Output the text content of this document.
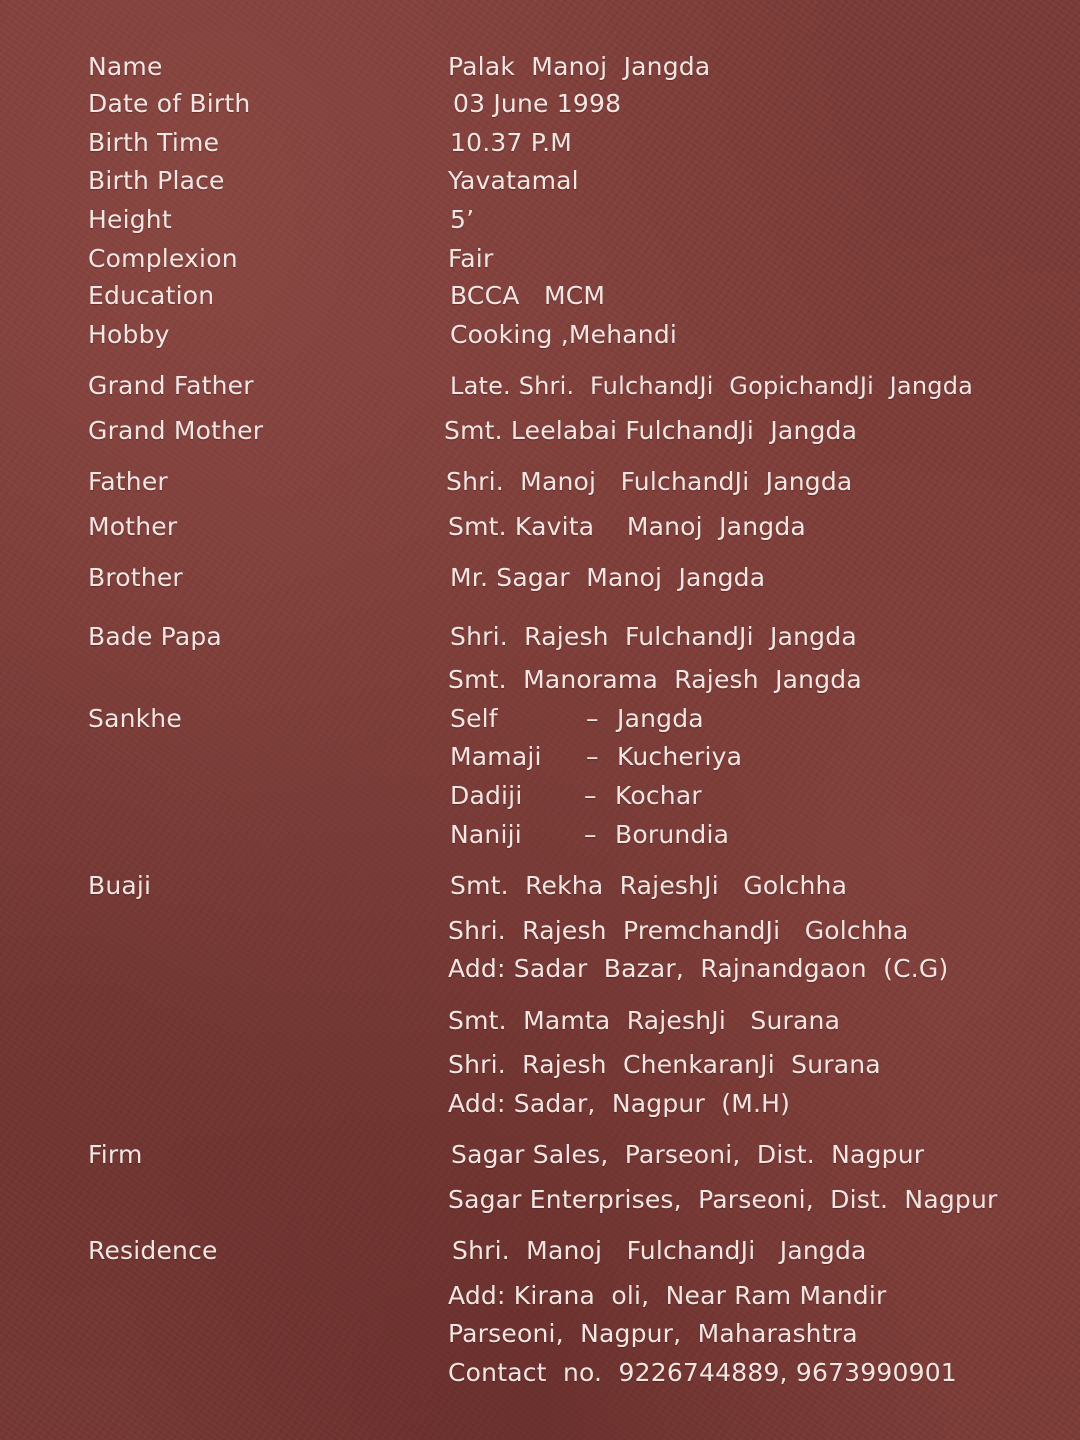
Name	Palak  Manoj  Jangda
Date of Birth	03 June 1998
Birth Time	10.37 P.M
Birth Place	Yavatamal
Height	5’
Complexion	Fair
Education	BCCA   MCM
Hobby	Cooking ,Mehandi
Grand Father	Late. Shri.  FulchandJi  GopichandJi  Jangda
Grand Mother	Smt. Leelabai FulchandJi  Jangda
Father	Shri.  Manoj   FulchandJi  Jangda
Mother	Smt. Kavita    Manoj  Jangda
Brother	Mr. Sagar  Manoj  Jangda
Bade Papa	Shri.  Rajesh  FulchandJi  Jangda
Smt.  Manorama  Rajesh  Jangda
Sankhe	Self	– Jangda
Mamaji – Kucheriya
Dadiji – Kochar
Naniji – Borundia
Buaji	Smt.  Rekha  RajeshJi   Golchha
Shri.  Rajesh  PremchandJi   Golchha
Add: Sadar  Bazar,  Rajnandgaon  (C.G)
Smt.  Mamta  RajeshJi   Surana
Shri.  Rajesh  ChenkaranJi  Surana
Add: Sadar,  Nagpur  (M.H)
Firm	Sagar Sales,  Parseoni,  Dist.  Nagpur
Sagar Enterprises,  Parseoni,  Dist.  Nagpur
Residence	Shri.  Manoj   FulchandJi   Jangda
Add: Kirana  oli,  Near Ram Mandir
Parseoni,  Nagpur,  Maharashtra
Contact  no.  9226744889, 9673990901
